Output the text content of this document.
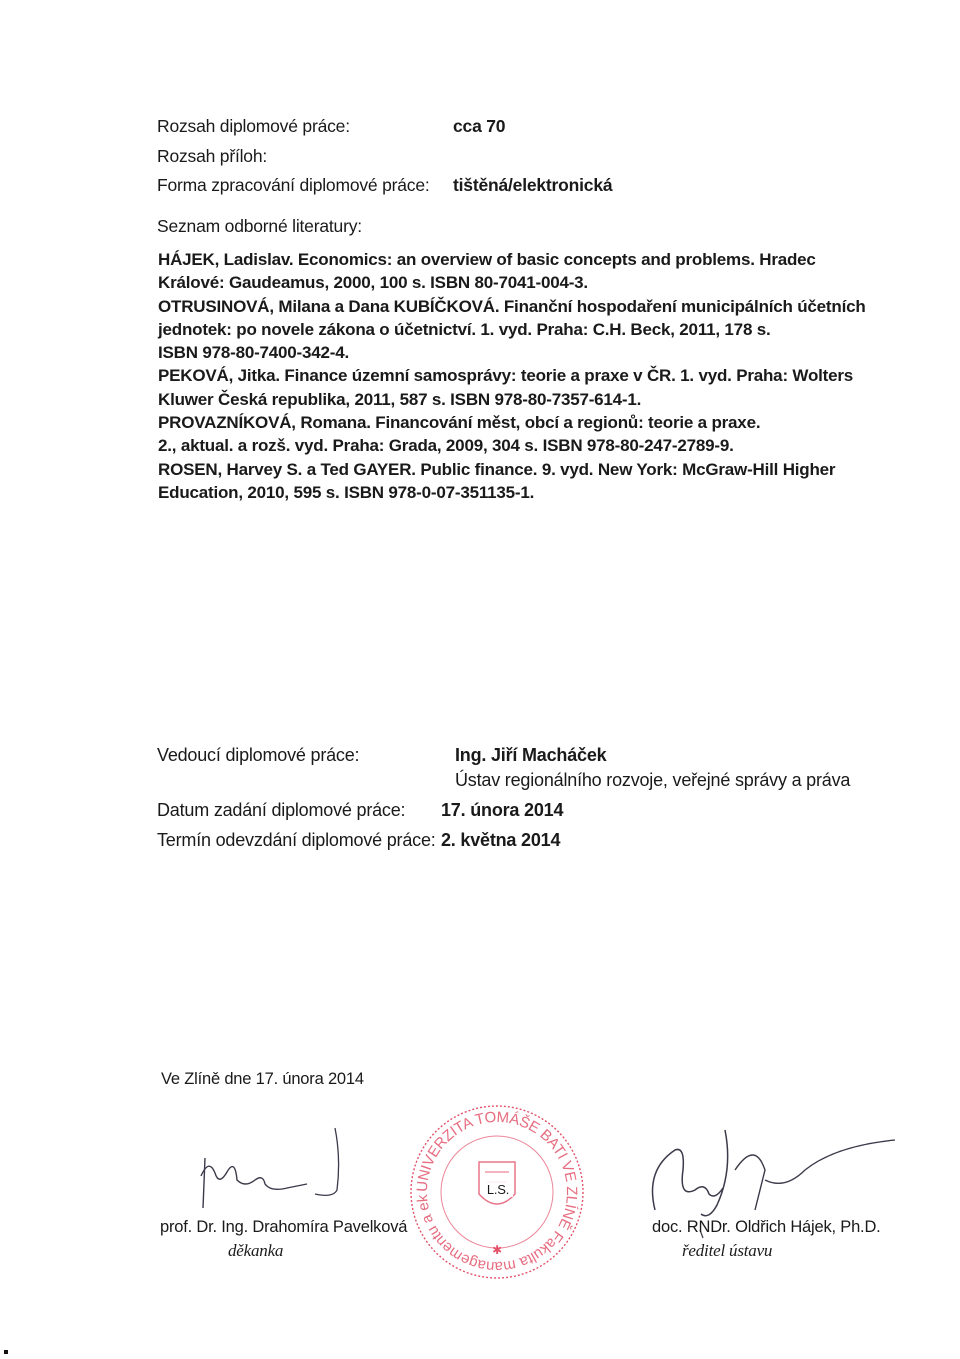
Rozsah diplomové práce:	cca 70
Rozsah příloh:
Forma zpracování diplomové práce: tištěná/elektronická
Seznam odborné literatury:
HÁJEK, Ladislav. Economics: an overview of basic concepts and problems. Hradec
Králové: Gaudeamus, 2000, 100 s. ISBN 80-7041-004-3.
OTRUSINOVÁ, Milana a Dana KUBÍČKOVÁ. Finanční hospodaření municipálních účetních
jednotek: po novele zákona o účetnictví. 1. vyd. Praha: C.H. Beck, 2011, 178 s.
ISBN 978-80-7400-342-4.
PEKOVÁ, Jitka. Finance územní samosprávy: teorie a praxe v ČR. 1. vyd. Praha: Wolters
Kluwer Česká republika, 2011, 587 s. ISBN 978-80-7357-614-1.
PROVAZNÍKOVÁ, Romana. Financování měst, obcí a regionů: teorie a praxe.
2., aktual. a rozš. vyd. Praha: Grada, 2009, 304 s. ISBN 978-80-247-2789-9.
ROSEN, Harvey S. a Ted GAYER. Public finance. 9. vyd. New York: McGraw-Hill Higher
Education, 2010, 595 s. ISBN 978-0-07-351135-1.
Vedoucí diplomové práce:	Ing. Jiří Macháček
Ústav regionálního rozvoje, veřejné správy a práva
Datum zadání diplomové práce: 17. února 2014
Termín odevzdání diplomové práce: 2. května 2014
Ve Zlíně dne 17. února 2014
UNIVERZITA TOMÁŠE BATI VE ZLÍNĚ Fakulta managementu a ekonomiky
L.S.
✱
prof. Dr. Ing. Drahomíra Pavelková
děkanka
doc. RNDr. Oldřich Hájek, Ph.D.
ředitel ústavu
